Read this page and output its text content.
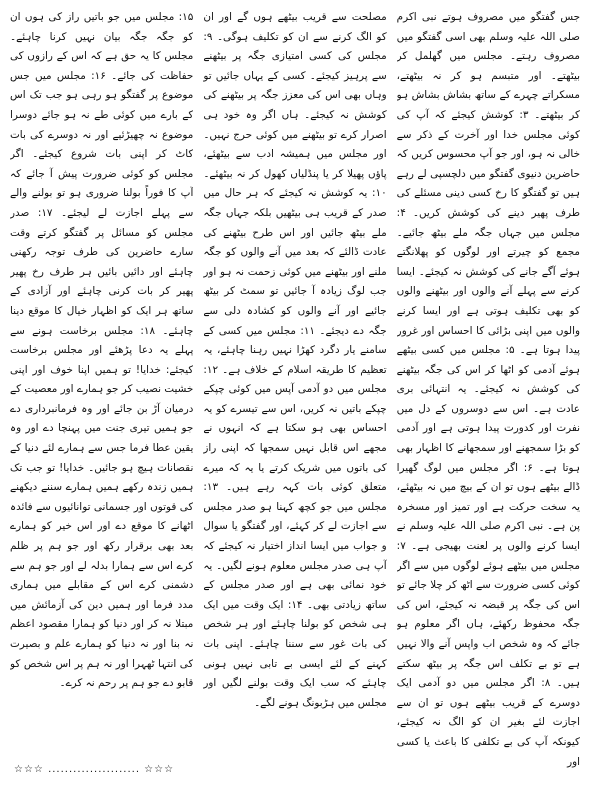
جس گفتگو میں مصروف ہوتے نبی اکرم صلی اللہ علیہ وسلم بھی اسی گفتگو میں مصروف رہتے۔ مجلس میں گھلمل کر بیٹھتے۔ اور متبسم ہو کر نہ بیٹھتے، مسکراتے چہرے کے ساتھ بشاش بشاش ہو کر بیٹھتے۔ ۳: کوشش کیجئے کہ آپ کی کوئی مجلس خدا اور آخرت کے ذکر سے خالی نہ ہو، اور جو آپ محسوس کریں کہ حاضرین دنیوی گفتگو میں دلچسپی لے رہے ہیں تو گفتگو کا رخ کسی دینی مسئلے کی طرف پھیر دینے کی کوشش کریں۔ ۴: مجلس میں جہاں جگہ ملے بیٹھ جائیے۔ مجمع کو چیرتے اور لوگوں کو پھلانگتے ہوئے آگے جانے کی کوشش نہ کیجئے۔ ایسا کرنے سے پہلے آنے والوں اور بیٹھنے والوں کو بھی تکلیف ہوتی ہے اور ایسا کرنے والوں میں اپنی بڑائی کا احساس اور غرور پیدا ہوتا ہے۔ ۵: مجلس میں کسی بیٹھے ہوئے آدمی کو اٹھا کر اس کی جگہ بیٹھنے کی کوشش نہ کیجئے۔ یہ انتہائی بری عادت ہے۔ اس سے دوسروں کے دل میں نفرت اور کدورت پیدا ہوتی ہے اور آدمی کو بڑا سمجھنے اور سمجھانے کا اظہار بھی ہوتا ہے۔ ۶: اگر مجلس میں لوگ گھیرا ڈالے بیٹھے ہوں تو ان کے بیچ میں نہ بیٹھئے، یہ سخت حرکت ہے اور تمیز اور مسخرہ پن ہے۔ نبی اکرم صلی اللہ علیہ وسلم نے ایسا کرنے والوں پر لعنت بھیجی ہے۔ ۷: مجلس میں بیٹھے ہوئے لوگوں میں سے اگر کوئی کسی ضرورت سے اٹھ کر چلا جائے تو اس کی جگہ پر قبضہ نہ کیجئے، اس کی جگہ محفوظ رکھئے، ہاں اگر معلوم ہو جائے کہ وہ شخص اب واپس آنے والا نہیں ہے تو بے تکلف اس جگہ پر بیٹھ سکتے ہیں۔ ۸: اگر مجلس میں دو آدمی ایک دوسرے کے قریب بیٹھے ہوں تو ان سے اجازت لئے بغیر ان کو الگ نہ کیجئے، کیونکہ آپ کی بے تکلفی کا باعث یا کسی اور

مصلحت سے قریب بیٹھے ہوں گے اور ان کو الگ کرنے سے ان کو تکلیف ہوگی۔ ۹: مجلس کی کسی امتیازی جگہ پر بیٹھنے سے پرہیز کیجئے۔ کسی کے یہاں جائیں تو وہاں بھی اس کی معزز جگہ پر بیٹھنے کی کوشش نہ کیجئے۔ ہاں اگر وہ خود ہی اصرار کرے تو بیٹھنے میں کوئی حرج نہیں۔ اور مجلس میں ہمیشہ ادب سے بیٹھئے، پاؤں پھیلا کر یا پنڈلیاں کھول کر نہ بیٹھئے۔ ۱۰: یہ کوشش نہ کیجئے کہ ہر حال میں صدر کے قریب ہی بیٹھیں بلکہ جہاں جگہ ملے بیٹھ جائیں اور اس طرح بیٹھنے کی عادت ڈالئے کہ بعد میں آنے والوں کو جگہ ملنے اور بیٹھنے میں کوئی زحمت نہ ہو اور جب لوگ زیادہ آ جائیں تو سمٹ کر بیٹھ جائیے اور آنے والوں کو کشادہ دلی سے جگہ دے دیجئے۔ ۱۱: مجلس میں کسی کے سامنے یار دگرد کھڑا نہیں رہنا چاہئے، یہ تعظیم کا طریقہ اسلام کے خلاف ہے۔ ۱۲: مجلس میں دو آدمی آپس میں کوئی چپکے چپکے باتیں نہ کریں، اس سے تیسرے کو یہ احساس بھی ہو سکتا ہے کہ انہوں نے مجھے اس قابل نہیں سمجھا کہ اپنی راز کی باتوں میں شریک کرتے یا یہ کہ میرے متعلق کوئی بات کہہ رہے ہیں۔ ۱۳: مجلس میں جو کچھ کہنا ہو صدر مجلس سے اجازت لے کر کہئے، اور گفتگو یا سوال و جواب میں ایسا انداز اختیار نہ کیجئے کہ آپ ہی صدر مجلس معلوم ہونے لگیں۔ یہ خود نمائی بھی ہے اور صدر مجلس کے ساتھ زیادتی بھی۔ ۱۴: ایک وقت میں ایک ہی شخص کو بولنا چاہئے اور ہر شخص کی بات غور سے سننا چاہئے۔ اپنی بات کہنے کے لئے ایسی بے تابی نہیں ہونی چاہئے کہ سب ایک وقت بولنے لگیں اور مجلس میں ہڑبونگ ہونے لگے۔

۱۵: مجلس میں جو باتیں راز کی ہوں ان کو جگہ جگہ بیان نہیں کرنا چاہئے۔ مجلس کا یہ حق ہے کہ اس کے رازوں کی حفاظت کی جائے۔ ۱۶: مجلس میں جس موضوع پر گفتگو ہو رہی ہو جب تک اس کے بارے میں کوئی طے نہ ہو جائے دوسرا موضوع نہ چھیڑئیے اور نہ دوسرے کی بات کاٹ کر اپنی بات شروع کیجئے۔ اگر مجلس کو کوئی ضرورت پیش آ جائے کہ آپ کا فوراً بولنا ضروری ہو تو بولنے والے سے پہلے اجازت لے لیجئے۔ ۱۷: صدر مجلس کو مسائل پر گفتگو کرتے وقت سارے حاضرین کی طرف توجہ رکھنی چاہئے اور دائیں بائیں ہر طرف رخ پھیر پھیر کر بات کرنی چاہئے اور آزادی کے ساتھ ہر ایک کو اظہار خیال کا موقع دینا چاہئے۔ ۱۸: مجلس برخاست ہونے سے پہلے یہ دعا پڑھئے اور مجلس برخاست کیجئے: خدایا! تو ہمیں اپنا خوف اور اپنی خشیت نصیب کر جو ہمارے اور معصیت کے درمیان آڑ بن جائے اور وہ فرمانبرداری دے جو ہمیں تیری جنت میں پہنچا دے اور وہ یقین عطا فرما جس سے ہمارے لئے دنیا کے نقصانات ہیچ ہو جائیں۔ خدایا! تو جب تک ہمیں زندہ رکھے ہمیں ہمارے سننے دیکھنے کی قوتوں اور جسمانی توانائیوں سے فائدہ اٹھانے کا موقع دے اور اس خیر کو ہمارے بعد بھی برقرار رکھ اور جو ہم پر ظلم کرے اس سے ہمارا بدلہ لے اور جو ہم سے دشمنی کرے اس کے مقابلے میں ہماری مدد فرما اور ہمیں دین کی آزمائش میں مبتلا نہ کر اور دنیا کو ہمارا مقصود اعظم نہ بنا اور نہ دنیا کو ہمارے علم و بصیرت کی انتہا ٹھہرا اور نہ ہم پر اس شخص کو قابو دے جو ہم پر رحم نہ کرے۔

☆☆☆ ...................... ☆☆☆
